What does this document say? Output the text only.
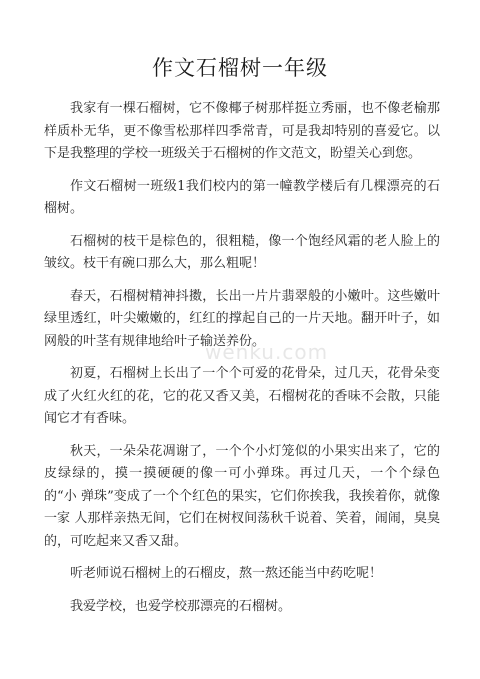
作文石榴树一年级

我家有一棵石榴树，它不像椰子树那样挺立秀丽，也不像老榆那 样质朴无华，更不像雪松那样四季常青，可是我却特别的喜爱它。以 下是我整理的学校一班级关于石榴树的作文范文，盼望关心到您。

作文石榴树一班级1我们校内的第一幢教学楼后有几棵漂亮的石榴树。

石榴树的枝干是棕色的，很粗糙，像一个饱经风霜的老人脸上的 皱纹。枝干有碗口那么大，那么粗呢！

春天，石榴树精神抖擞，长出一片片翡翠般的小嫩叶。这些嫩叶 绿里透红，叶尖嫩嫩的，红红的撑起自己的一片天地。翻开叶子，如 网般的叶茎有规律地给叶子输送养份。

初夏，石榴树上长出了一个个可爱的花骨朵，过几天，花骨朵变 成了火红火红的花，它的花又香又美，石榴树花的香味不会散，只能 闻它才有香味。

秋天，一朵朵花凋谢了，一个个小灯笼似的小果实出来了，它的 皮绿绿的，摸一摸硬硬的像一可小弹珠。再过几天，一个个绿色的“小 弹珠”变成了一个个红色的果实，它们你挨我，我挨着你，就像一家 人那样亲热无间，它们在树杈间荡秋千说着、笑着，闹闹，臭臭的，可吃起来又香又甜。

听老师说石榴树上的石榴皮，熬一熬还能当中药吃呢！

我爱学校，也爱学校那漂亮的石榴树。

wenku.com
